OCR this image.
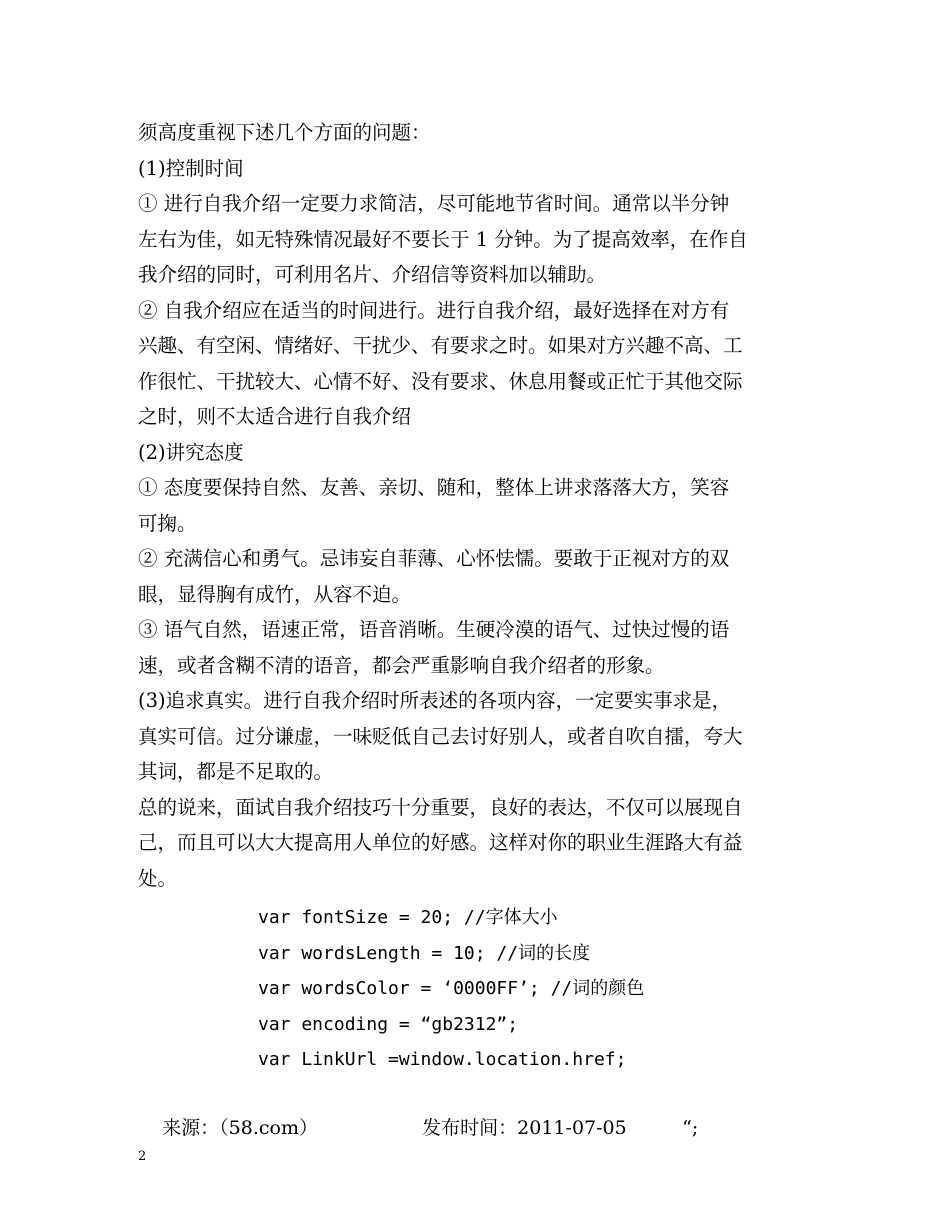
须高度重视下述几个方面的问题：
(1)控制时间
① 进行自我介绍一定要力求简洁，尽可能地节省时间。通常以半分钟
左右为佳，如无特殊情况最好不要长于 1 分钟。为了提高效率，在作自
我介绍的同时，可利用名片、介绍信等资料加以辅助。
② 自我介绍应在适当的时间进行。进行自我介绍，最好选择在对方有
兴趣、有空闲、情绪好、干扰少、有要求之时。如果对方兴趣不高、工
作很忙、干扰较大、心情不好、没有要求、休息用餐或正忙于其他交际
之时，则不太适合进行自我介绍
(2)讲究态度
① 态度要保持自然、友善、亲切、随和，整体上讲求落落大方，笑容
可掬。
② 充满信心和勇气。忌讳妄自菲薄、心怀怯懦。要敢于正视对方的双
眼，显得胸有成竹，从容不迫。
③ 语气自然，语速正常，语音消晰。生硬冷漠的语气、过快过慢的语
速，或者含糊不清的语音，都会严重影响自我介绍者的形象。
(3)追求真实。进行自我介绍时所表述的各项内容，一定要实事求是，
真实可信。过分谦虚，一味贬低自己去讨好别人，或者自吹自擂，夸大
其词，都是不足取的。
总的说来，面试自我介绍技巧十分重要，良好的表达，不仅可以展现自
己，而且可以大大提高用人单位的好感。这样对你的职业生涯路大有益
处。
var fontSize = 20; //字体大小
var wordsLength = 10; //词的长度
var wordsColor = ‘0000FF’; //词的颜色
var encoding = “gb2312”;
var LinkUrl =window.location.href;

来源：（58.com）	发布时间：2011-07-05	“;

2
